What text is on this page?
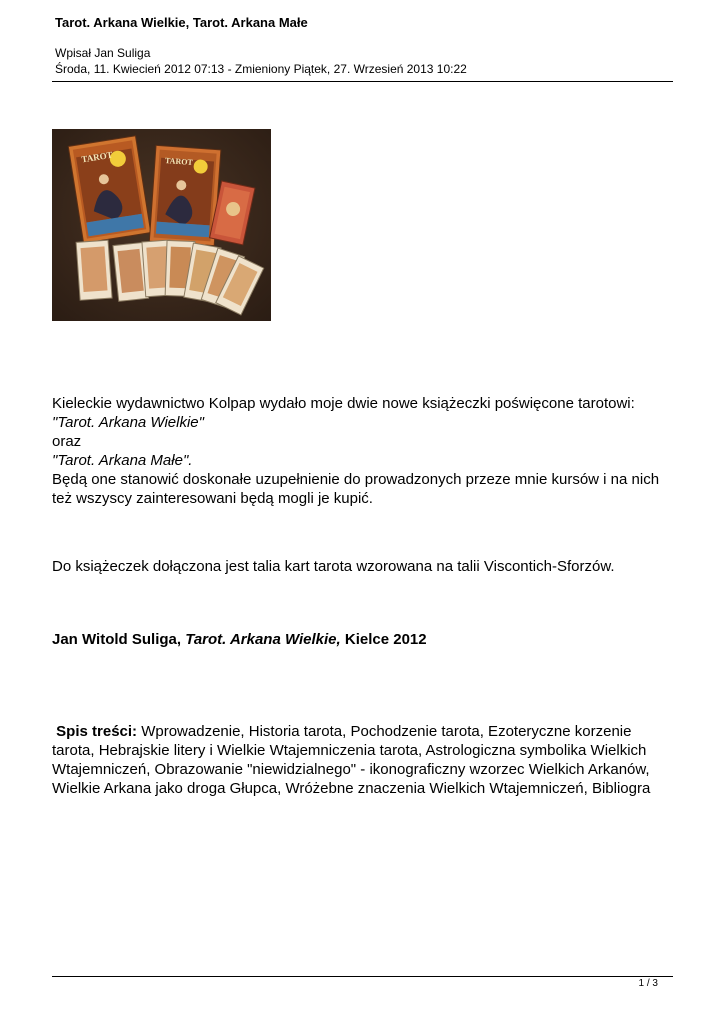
Tarot. Arkana Wielkie, Tarot. Arkana Małe
Wpisał Jan Suliga
Środa, 11. Kwiecień 2012 07:13 - Zmieniony Piątek, 27. Wrzesień 2013 10:22
TAROT	TAROT
Kieleckie wydawnictwo Kolpap wydało moje dwie nowe książeczki poświęcone tarotowi: "Tarot. Arkana Wielkie"
oraz
"Tarot. Arkana Małe".
Będą one stanowić doskonałe uzupełnienie do prowadzonych przeze mnie kursów i na nich też wszyscy zainteresowani będą mogli je kupić.
Do książeczek dołączona jest talia kart tarota wzorowana na talii Viscontich-Sforzów.
Jan Witold Suliga, Tarot. Arkana Wielkie, Kielce 2012
Spis treści: Wprowadzenie, Historia tarota, Pochodzenie tarota, Ezoteryczne korzenie tarota, Hebrajskie litery i Wielkie Wtajemniczenia tarota, Astrologiczna symbolika Wielkich Wtajemniczeń, Obrazowanie "niewidzialnego" - ikonograficzny wzorzec Wielkich Arkanów, Wielkie Arkana jako droga Głupca, Wróżebne znaczenia Wielkich Wtajemniczeń, Bibliogra
1 / 3
